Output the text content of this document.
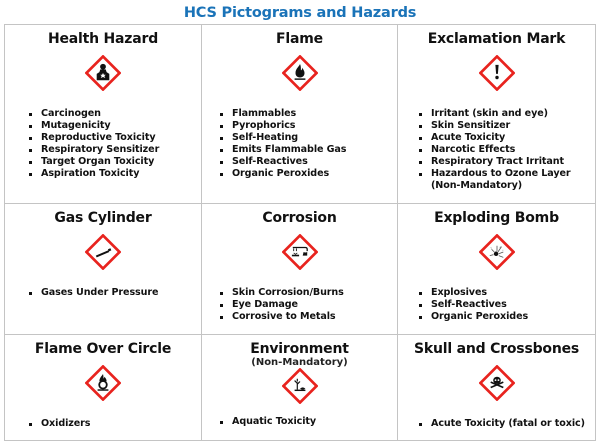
HCS Pictograms and Hazards
Health Hazard
Carcinogen
Mutagenicity
Reproductive Toxicity
Respiratory Sensitizer
Target Organ Toxicity
Aspiration Toxicity
Flame
Flammables
Pyrophorics
Self-Heating
Emits Flammable Gas
Self-Reactives
Organic Peroxides
Exclamation Mark
Irritant (skin and eye)
Skin Sensitizer
Acute Toxicity
Narcotic Effects
Respiratory Tract Irritant
Hazardous to Ozone Layer
(Non-Mandatory)
Gas Cylinder
Gases Under Pressure
Corrosion
Skin Corrosion/Burns
Eye Damage
Corrosive to Metals
Exploding Bomb
Explosives
Self-Reactives
Organic Peroxides
Flame Over Circle
Oxidizers
Environment
(Non-Mandatory)
Aquatic Toxicity
Skull and Crossbones
Acute Toxicity (fatal or toxic)
